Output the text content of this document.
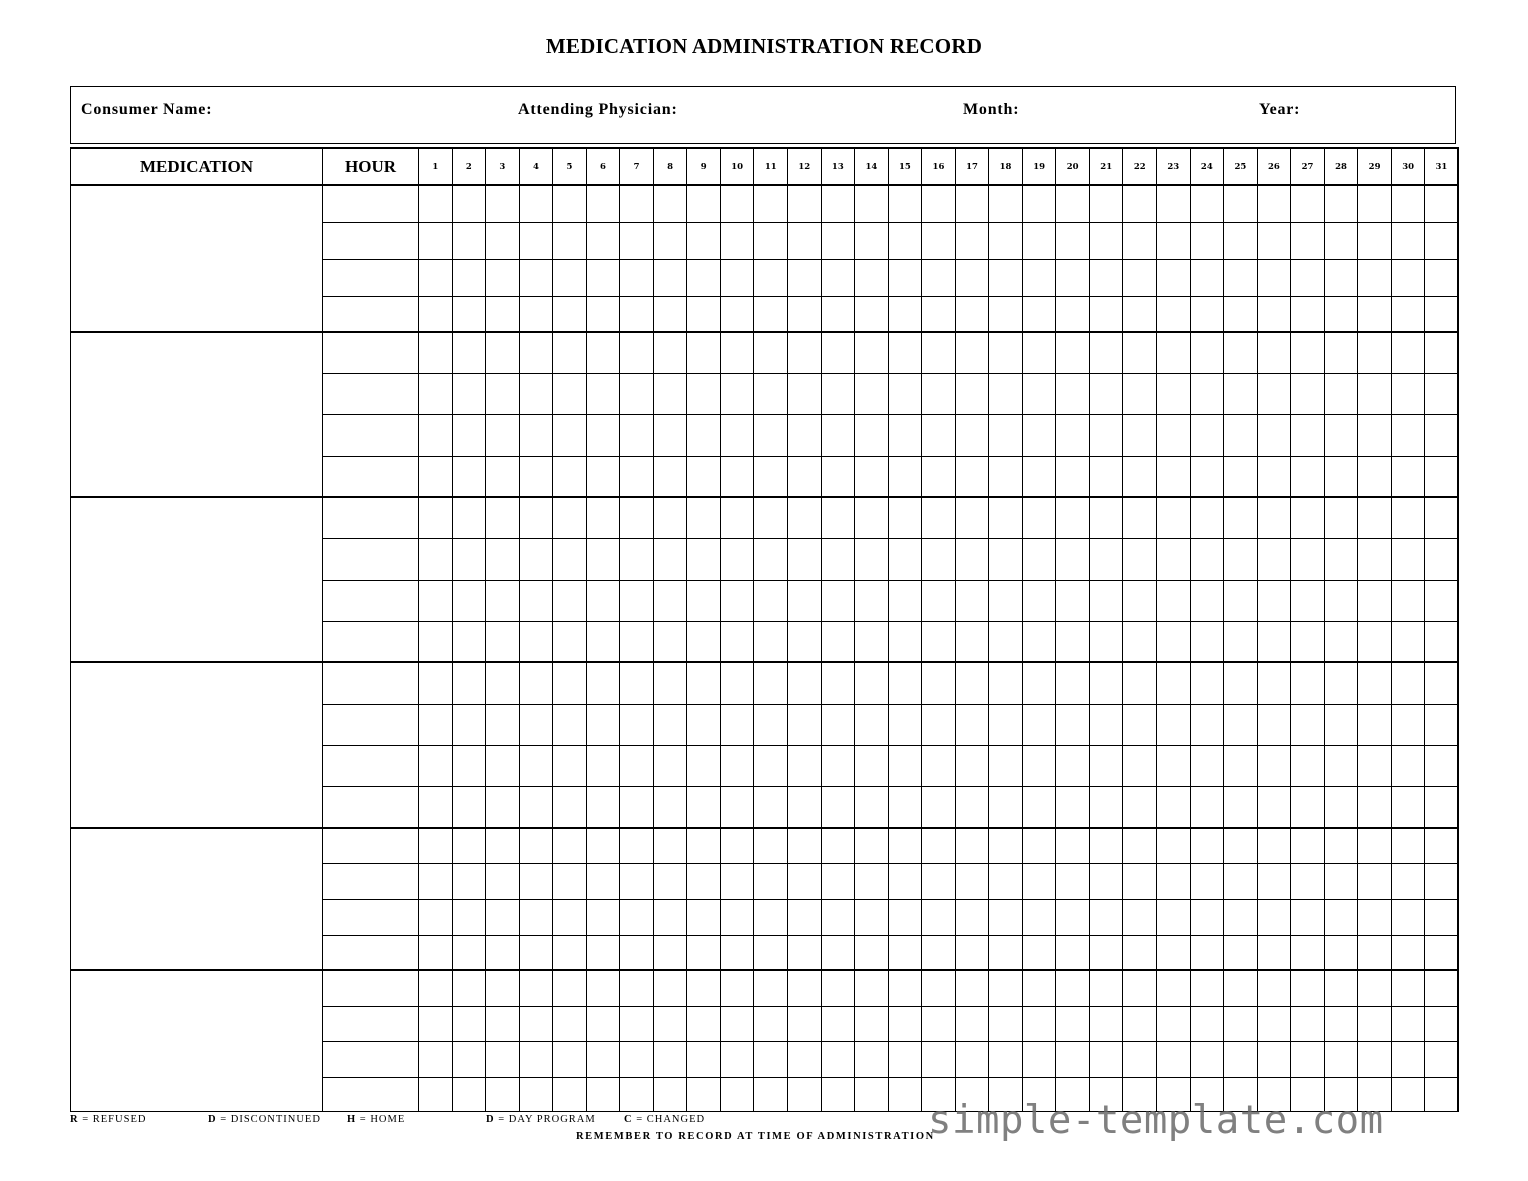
MEDICATION ADMINISTRATION RECORD
Consumer Name:	Attending Physician:	Month:	Year:
MEDICATION	HOUR	1	2	3	4	5	6	7	8	9	10	11	12	13	14	15	16	17	18	19	20	21	22	23	24	25	26	27	28	29	30	31

R = REFUSED	D = DISCONTINUED H = HOME	D = DAY PROGRAM	C = CHANGED
REMEMBER TO RECORD AT TIME OF ADMINISTRATION
simple-template.com
